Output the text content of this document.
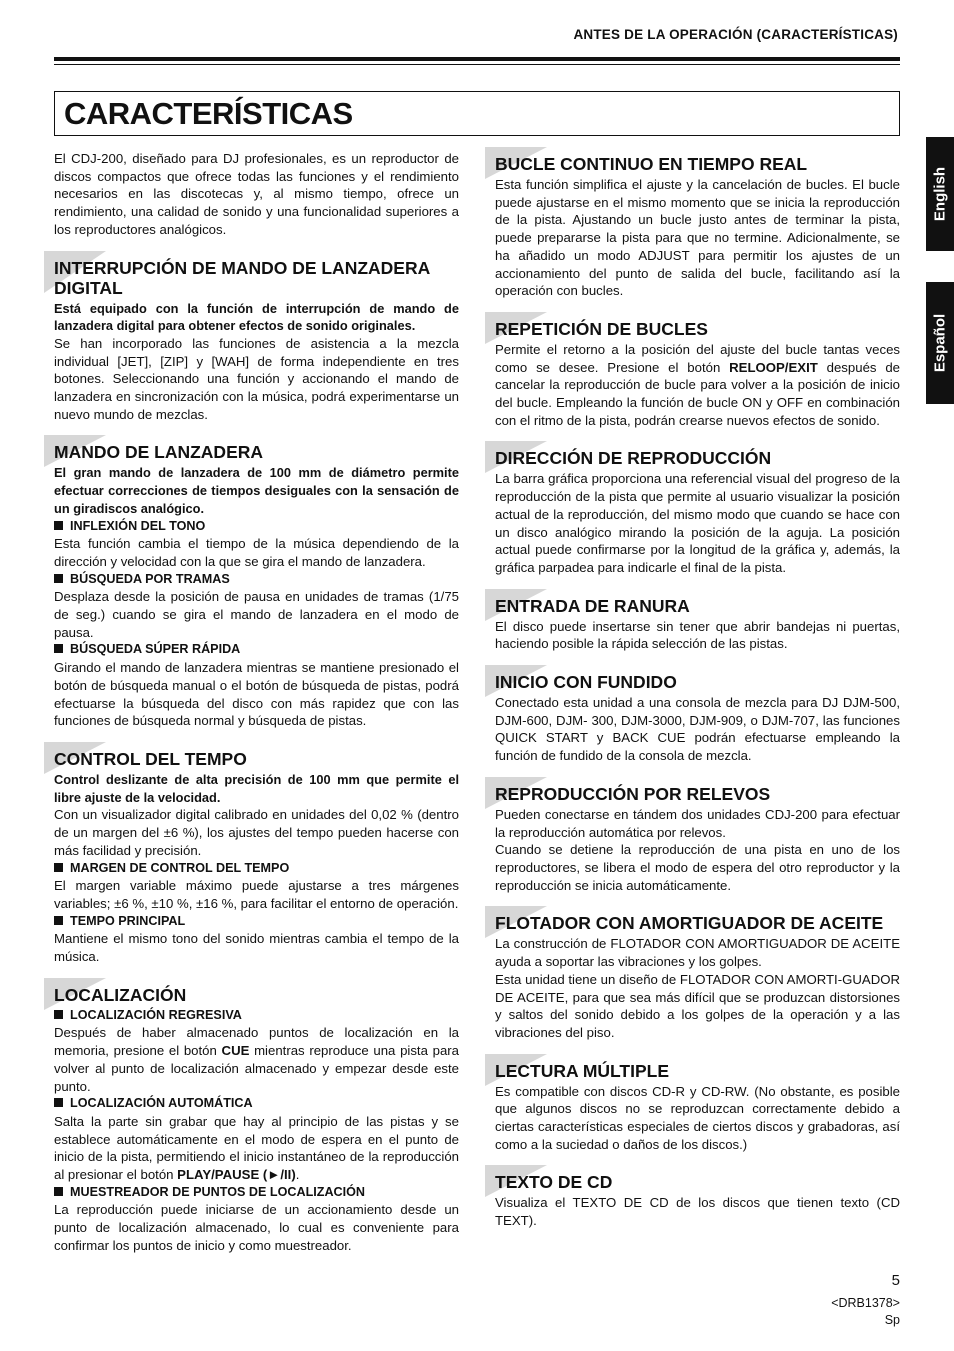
ANTES DE LA OPERACIÓN (CARACTERÍSTICAS)
CARACTERÍSTICAS
English
Español

El CDJ-200, diseñado para DJ profesionales, es un reproductor de discos compactos que ofrece todas las funciones y el rendimiento necesarios en las discotecas y, al mismo tiempo, ofrece un rendimiento, una calidad de sonido y una funcionalidad superiores a los reproductores analógicos.

INTERRUPCIÓN DE MANDO DE LANZADERA DIGITAL

Está equipado con la función de interrupción de mando de lanzadera digital para obtener efectos de sonido originales.

Se han incorporado las funciones de asistencia a la mezcla individual [JET], [ZIP] y [WAH] de forma independiente en tres botones. Seleccionando una función y accionando el mando de lanzadera en sincronización con la música, podrá experimentarse un nuevo mundo de mezclas.

MANDO DE LANZADERA

El gran mando de lanzadera de 100 mm de diámetro permite efectuar correcciones de tiempos desiguales con la sensación de un giradiscos analógico.

INFLEXIÓN DEL TONO

Esta función cambia el tiempo de la música dependiendo de la dirección y velocidad con la que se gira el mando de lanzadera.

BÚSQUEDA POR TRAMAS

Desplaza desde la posición de pausa en unidades de tramas (1/75 de seg.) cuando se gira el mando de lanzadera en el modo de pausa.

BÚSQUEDA SÚPER RÁPIDA

Girando el mando de lanzadera mientras se mantiene presionado el botón de búsqueda manual o el botón de búsqueda de pistas, podrá efectuarse la búsqueda del disco con más rapidez que con las funciones de búsqueda normal y búsqueda de pistas.

CONTROL DEL TEMPO

Control deslizante de alta precisión de 100 mm que permite el libre ajuste de la velocidad.

Con un visualizador digital calibrado en unidades del 0,02 % (dentro de un margen del ±6 %), los ajustes del tempo pueden hacerse con más facilidad y precisión.

MARGEN DE CONTROL DEL TEMPO

El margen variable máximo puede ajustarse a tres márgenes variables; ±6 %, ±10 %, ±16 %, para facilitar el entorno de operación.

TEMPO PRINCIPAL

Mantiene el mismo tono del sonido mientras cambia el tempo de la música.

LOCALIZACIÓN
LOCALIZACIÓN REGRESIVA

Después de haber almacenado puntos de localización en la memoria, presione el botón CUE mientras reproduce una pista para volver al punto de localización almacenado y empezar desde este punto.

LOCALIZACIÓN AUTOMÁTICA

Salta la parte sin grabar que hay al principio de las pistas y se establece automáticamente en el modo de espera en el punto de inicio de la pista, permitiendo el inicio instantáneo de la reproducción al presionar el botón PLAY/PAUSE (►/II).

MUESTREADOR DE PUNTOS DE LOCALIZACIÓN

La reproducción puede iniciarse de un accionamiento desde un punto de localización almacenado, lo cual es conveniente para confirmar los puntos de inicio y como muestreador.

BUCLE CONTINUO EN TIEMPO REAL

Esta función simplifica el ajuste y la cancelación de bucles. El bucle puede ajustarse en el mismo momento que se inicia la reproducción de la pista. Ajustando un bucle justo antes de terminar la pista, puede prepararse la pista para que no termine. Adicionalmente, se ha añadido un modo ADJUST para permitir los ajustes de un accionamiento del punto de salida del bucle, facilitando así la operación con bucles.

REPETICIÓN DE BUCLES

Permite el retorno a la posición del ajuste del bucle tantas veces como se desee. Presione el botón RELOOP/EXIT después de cancelar la reproducción de bucle para volver a la posición de inicio del bucle. Empleando la función de bucle ON y OFF en combinación con el ritmo de la pista, podrán crearse nuevos efectos de sonido.

DIRECCIÓN DE REPRODUCCIÓN

La barra gráfica proporciona una referencial visual del progreso de la reproducción de la pista que permite al usuario visualizar la posición actual de la reproducción, del mismo modo que cuando se hace con un disco analógico mirando la posición de la aguja. La posición actual puede confirmarse por la longitud de la gráfica y, además, la gráfica parpadea para indicarle el final de la pista.

ENTRADA DE RANURA

El disco puede insertarse sin tener que abrir bandejas ni puertas, haciendo posible la rápida selección de las pistas.

INICIO CON FUNDIDO

Conectado esta unidad a una consola de mezcla para DJ DJM-500, DJM-600, DJM- 300, DJM-3000, DJM-909, o DJM-707, las funciones QUICK START y BACK CUE podrán efectuarse empleando la función de fundido de la consola de mezcla.

REPRODUCCIÓN POR RELEVOS

Pueden conectarse en tándem dos unidades CDJ-200 para efectuar la reproducción automática por relevos.

Cuando se detiene la reproducción de una pista en uno de los reproductores, se libera el modo de espera del otro reproductor y la reproducción se inicia automáticamente.

FLOTADOR CON AMORTIGUADOR DE ACEITE

La construcción de FLOTADOR CON AMORTIGUADOR DE ACEITE ayuda a soportar las vibraciones y los golpes.

Esta unidad tiene un diseño de FLOTADOR CON AMORTI-GUADOR DE ACEITE, para que sea más difícil que se produzcan distorsiones y saltos del sonido debido a los golpes de la operación y a las vibraciones del piso.

LECTURA MÚLTIPLE

Es compatible con discos CD-R y CD-RW. (No obstante, es posible que algunos discos no se reproduzcan correctamente debido a ciertas características especiales de ciertos discos y grabadoras, así como a la suciedad o daños de los discos.)

TEXTO DE CD

Visualiza el TEXTO DE CD de los discos que tienen texto (CD TEXT).

5
<DRB1378>
Sp
